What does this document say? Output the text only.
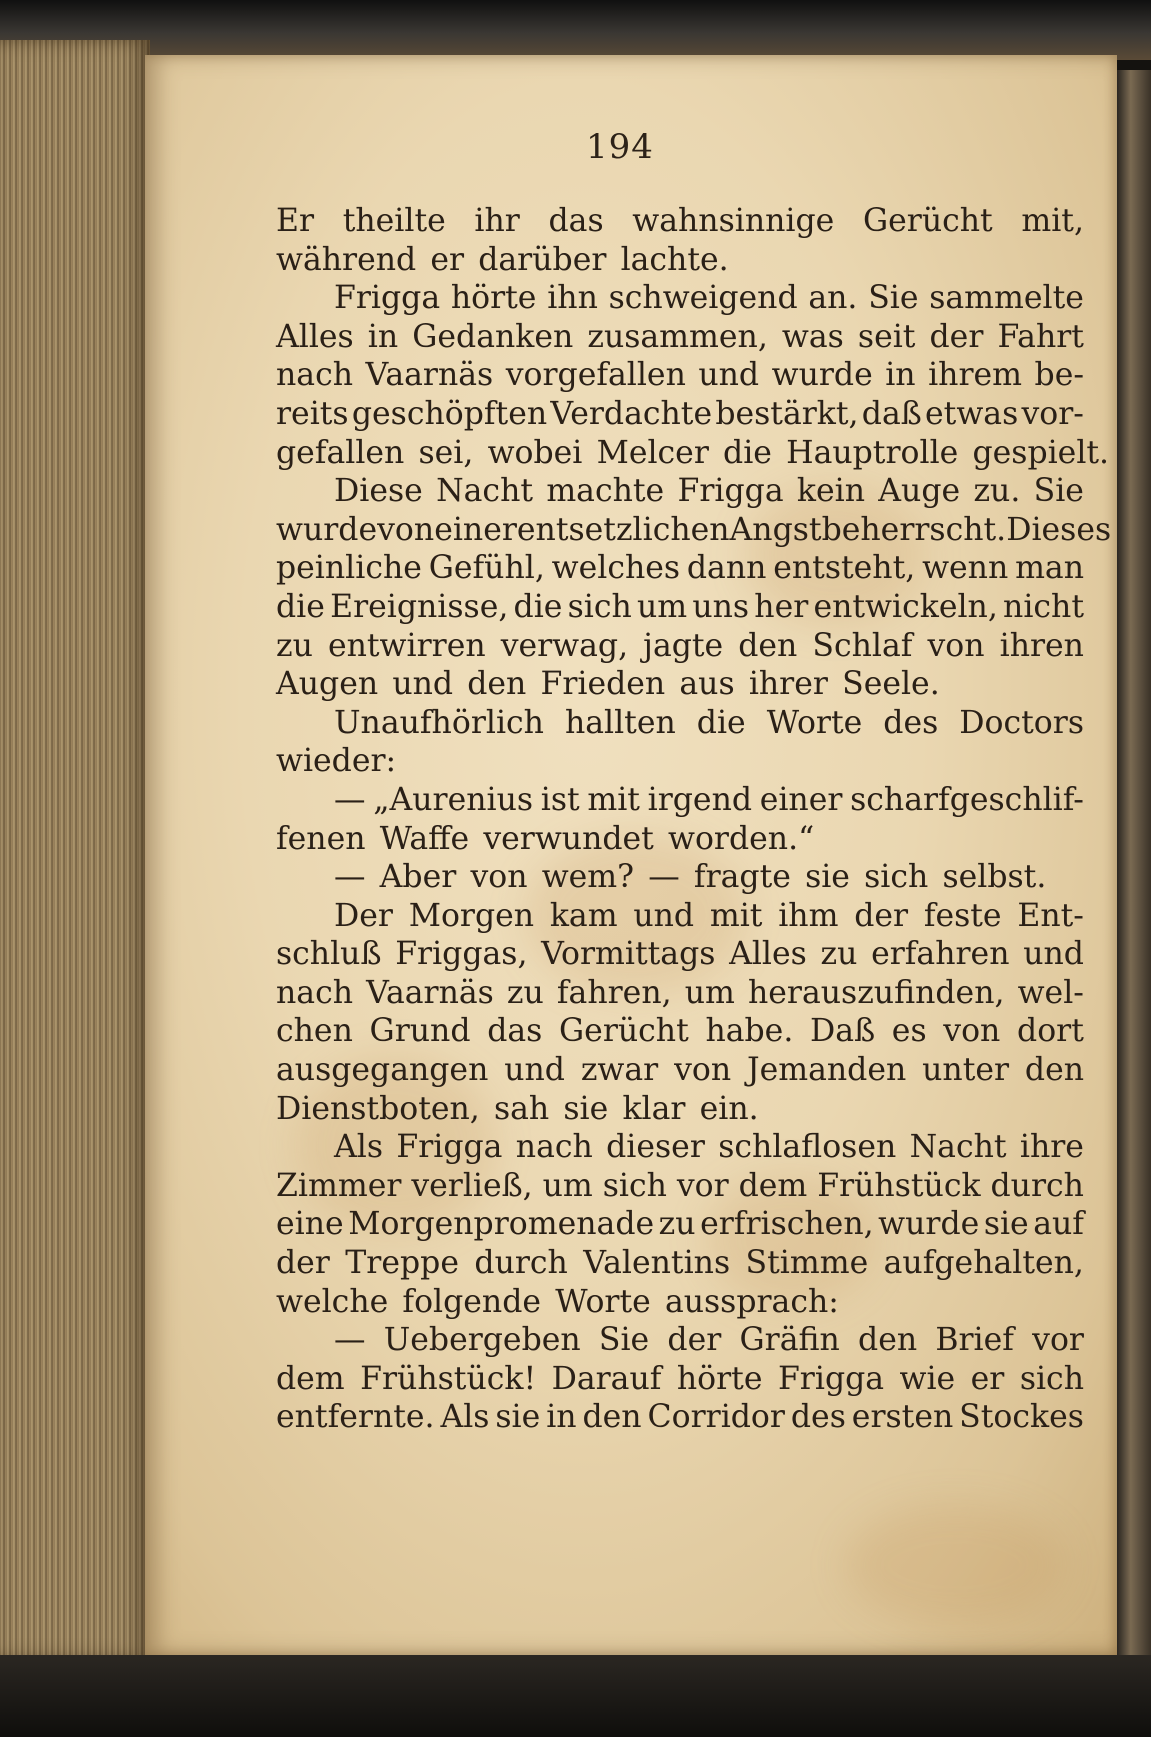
194
Er theilte ihr das wahnsinnige Gerücht mit,
während er darüber lachte.
Frigga hörte ihn schweigend an. Sie sammelte
Alles in Gedanken zusammen, was seit der Fahrt
nach Vaarnäs vorgefallen und wurde in ihrem be-
reits geschöpften Verdachte bestärkt, daß etwas vor-
gefallen sei, wobei Melcer die Hauptrolle gespielt.
Diese Nacht machte Frigga kein Auge zu. Sie
wurde von einer entsetzlichen Angst beherrscht. Dieses
peinliche Gefühl, welches dann entsteht, wenn man
die Ereignisse, die sich um uns her entwickeln, nicht
zu entwirren verwag, jagte den Schlaf von ihren
Augen und den Frieden aus ihrer Seele.
Unaufhörlich hallten die Worte des Doctors
wieder:
— „Aurenius ist mit irgend einer scharfgeschlif-
fenen Waffe verwundet worden.“
— Aber von wem? — fragte sie sich selbst.
Der Morgen kam und mit ihm der feste Ent-
schluß Friggas, Vormittags Alles zu erfahren und
nach Vaarnäs zu fahren, um herauszufinden, wel-
chen Grund das Gerücht habe. Daß es von dort
ausgegangen und zwar von Jemanden unter den
Dienstboten, sah sie klar ein.
Als Frigga nach dieser schlaflosen Nacht ihre
Zimmer verließ, um sich vor dem Frühstück durch
eine Morgenpromenade zu erfrischen, wurde sie auf
der Treppe durch Valentins Stimme aufgehalten,
welche folgende Worte aussprach:
— Uebergeben Sie der Gräfin den Brief vor
dem Frühstück! Darauf hörte Frigga wie er sich
entfernte. Als sie in den Corridor des ersten Stockes
